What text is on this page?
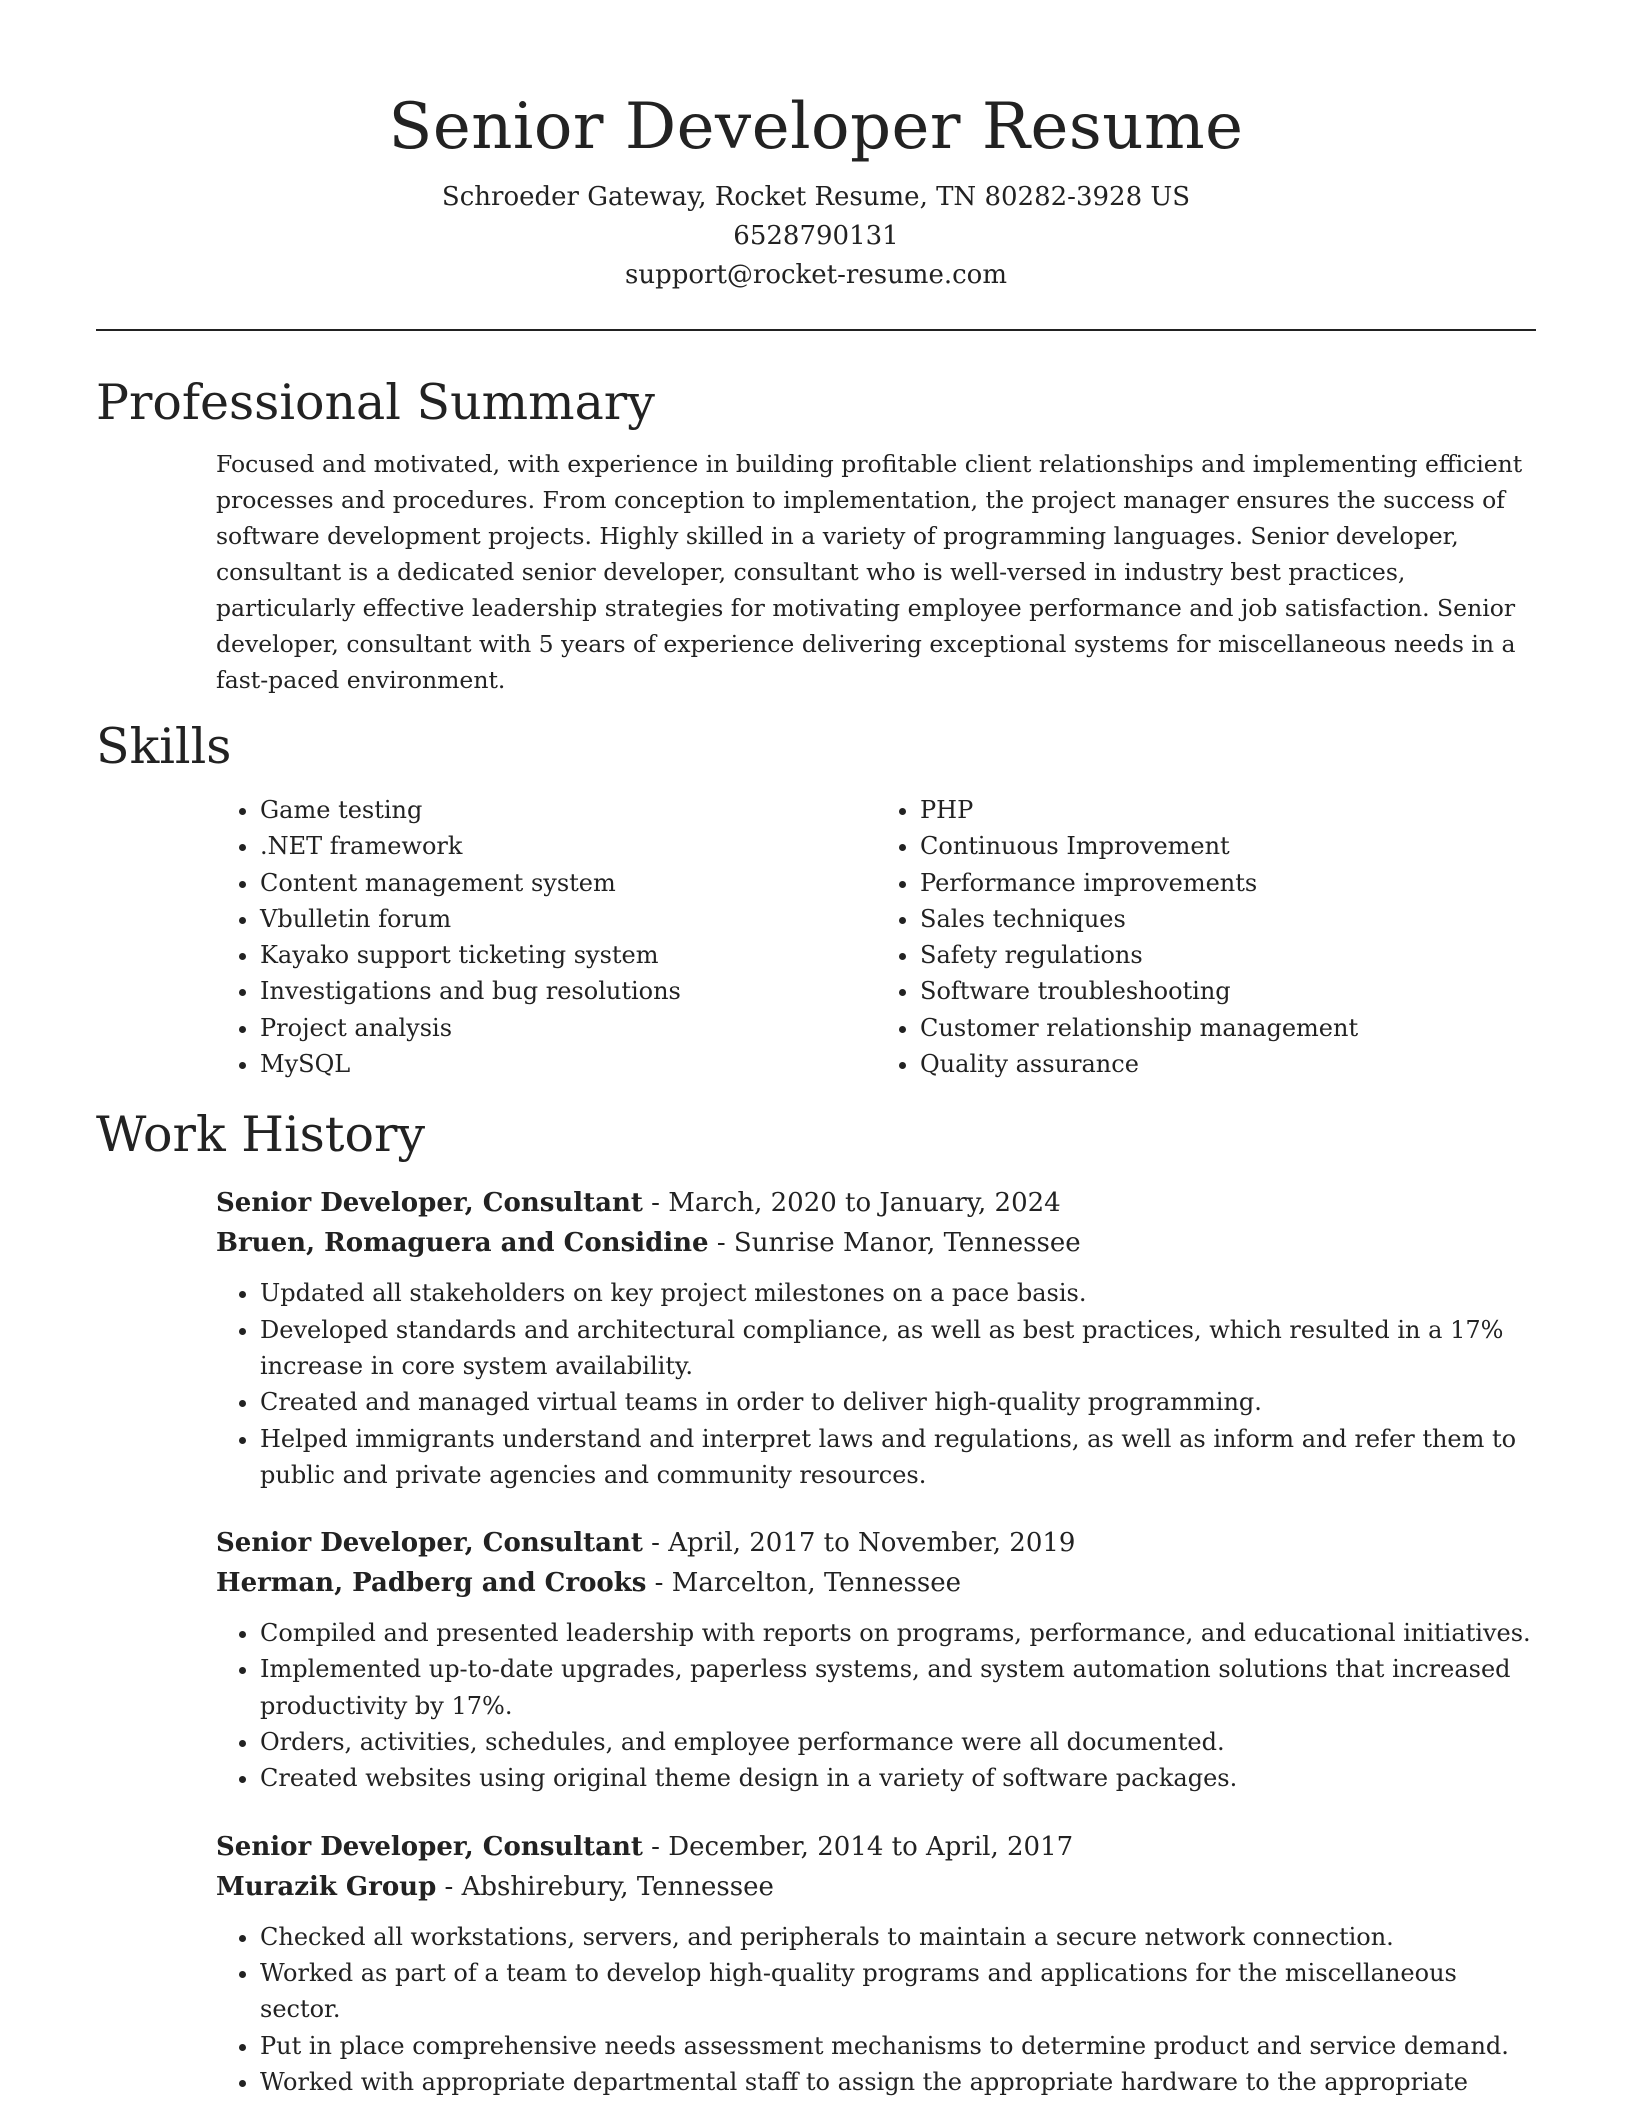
Senior Developer Resume
Schroeder Gateway, Rocket Resume, TN 80282-3928 US
6528790131
support@rocket-resume.com
Professional Summary
Focused and motivated, with experience in building profitable client relationships and implementing efficient processes and procedures. From conception to implementation, the project manager ensures the success of software development projects. Highly skilled in a variety of programming languages. Senior developer, consultant is a dedicated senior developer, consultant who is well-versed in industry best practices, particularly effective leadership strategies for motivating employee performance and job satisfaction. Senior developer, consultant with 5 years of experience delivering exceptional systems for miscellaneous needs in a fast-paced environment.
Skills
• Game testing
• .NET framework
• Content management system
• Vbulletin forum
• Kayako support ticketing system
• Investigations and bug resolutions
• Project analysis
• MySQL
• PHP
• Continuous Improvement
• Performance improvements
• Sales techniques
• Safety regulations
• Software troubleshooting
• Customer relationship management
• Quality assurance
Work History
Senior Developer, Consultant - March, 2020 to January, 2024
Bruen, Romaguera and Considine - Sunrise Manor, Tennessee
• Updated all stakeholders on key project milestones on a pace basis.
• Developed standards and architectural compliance, as well as best practices, which resulted in a 17% increase in core system availability.
• Created and managed virtual teams in order to deliver high-quality programming.
• Helped immigrants understand and interpret laws and regulations, as well as inform and refer them to public and private agencies and community resources.
Senior Developer, Consultant - April, 2017 to November, 2019
Herman, Padberg and Crooks - Marcelton, Tennessee
• Compiled and presented leadership with reports on programs, performance, and educational initiatives.
• Implemented up-to-date upgrades, paperless systems, and system automation solutions that increased productivity by 17%.
• Orders, activities, schedules, and employee performance were all documented.
• Created websites using original theme design in a variety of software packages.
Senior Developer, Consultant - December, 2014 to April, 2017
Murazik Group - Abshirebury, Tennessee
• Checked all workstations, servers, and peripherals to maintain a secure network connection.
• Worked as part of a team to develop high-quality programs and applications for the miscellaneous sector.
• Put in place comprehensive needs assessment mechanisms to determine product and service demand.
• Worked with appropriate departmental staff to assign the appropriate hardware to the appropriate
